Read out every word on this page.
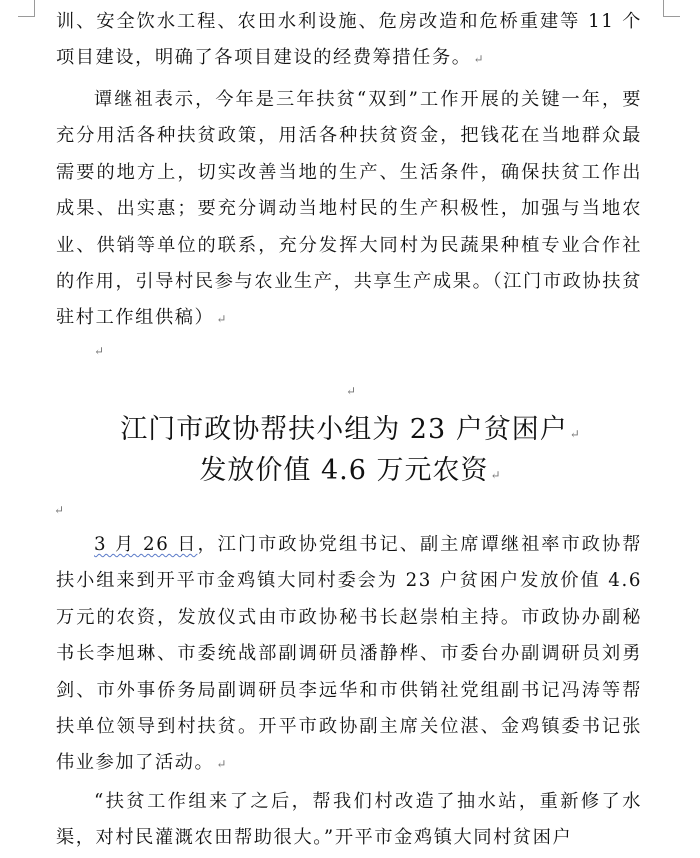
训、安全饮水工程、农田水利设施、危房改造和危桥重建等 11 个项目建设，明确了各项目建设的经费筹措任务。 ↵

谭继祖表示，今年是三年扶贫“双到”工作开展的关键一年，要充分用活各种扶贫政策，用活各种扶贫资金，把钱花在当地群众最需要的地方上，切实改善当地的生产、生活条件，确保扶贫工作出成果、出实惠；要充分调动当地村民的生产积极性，加强与当地农业、供销等单位的联系，充分发挥大同村为民蔬果种植专业合作社的作用，引导村民参与农业生产，共享生产成果。（江门市政协扶贫驻村工作组供稿） ↵

↵
↵
江门市政协帮扶小组为 23 户贫困户 ↵
发放价值 4.6 万元农资 ↵
↵

3 月 26 日，江门市政协党组书记、副主席谭继祖率市政协帮扶小组来到开平市金鸡镇大同村委会为 23 户贫困户发放价值 4.6 万元的农资，发放仪式由市政协秘书长赵崇柏主持。市政协办副秘书长李旭琳、市委统战部副调研员潘静桦、市委台办副调研员刘勇剑、市外事侨务局副调研员李远华和市供销社党组副书记冯涛等帮扶单位领导到村扶贫。开平市政协副主席关位湛、金鸡镇委书记张伟业参加了活动。 ↵

“扶贫工作组来了之后，帮我们村改造了抽水站，重新修了水渠，对村民灌溉农田帮助很大。”开平市金鸡镇大同村贫困户
